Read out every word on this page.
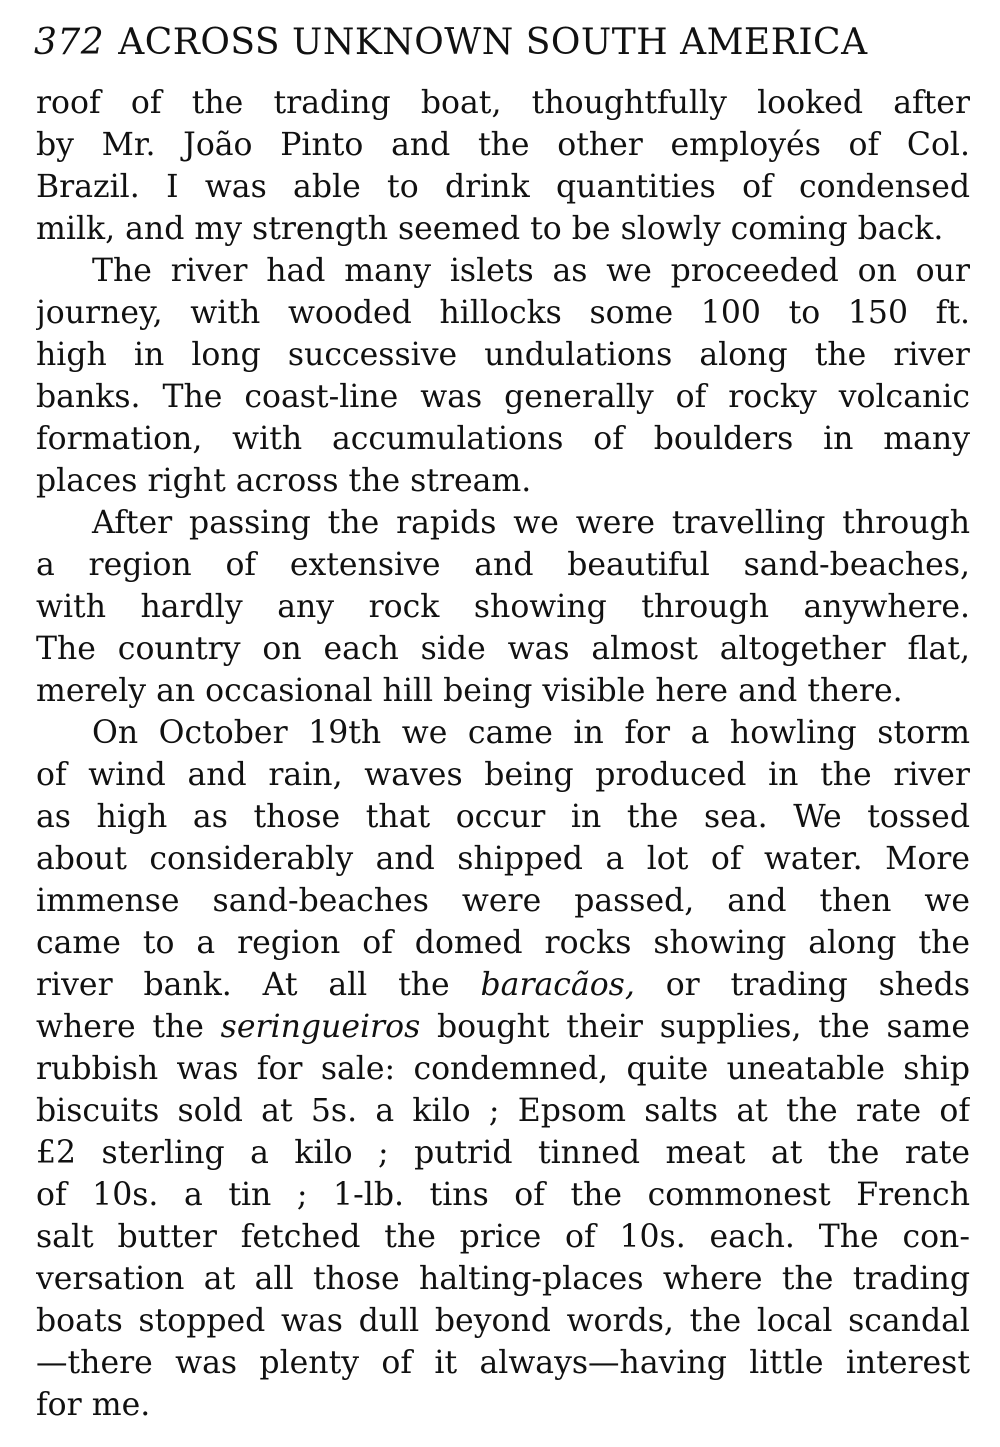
372 ACROSS UNKNOWN SOUTH AMERICA
roof of the trading boat, thoughtfully looked after
by Mr. João Pinto and the other employés of Col.
Brazil. I was able to drink quantities of condensed
milk, and my strength seemed to be slowly coming back.
The river had many islets as we proceeded on our
journey, with wooded hillocks some 100 to 150 ft.
high in long successive undulations along the river
banks. The coast-line was generally of rocky volcanic
formation, with accumulations of boulders in many
places right across the stream.
After passing the rapids we were travelling through
a region of extensive and beautiful sand-beaches,
with hardly any rock showing through anywhere.
The country on each side was almost altogether flat,
merely an occasional hill being visible here and there.
On October 19th we came in for a howling storm
of wind and rain, waves being produced in the river
as high as those that occur in the sea. We tossed
about considerably and shipped a lot of water. More
immense sand-beaches were passed, and then we
came to a region of domed rocks showing along the
river bank. At all the baracãos, or trading sheds
where the seringueiros bought their supplies, the same
rubbish was for sale: condemned, quite uneatable ship
biscuits sold at 5s. a kilo ; Epsom salts at the rate of
£2 sterling a kilo ; putrid tinned meat at the rate
of 10s. a tin ; 1-lb. tins of the commonest French
salt butter fetched the price of 10s. each. The con-
versation at all those halting-places where the trading
boats stopped was dull beyond words, the local scandal
—there was plenty of it always—having little interest
for me.
